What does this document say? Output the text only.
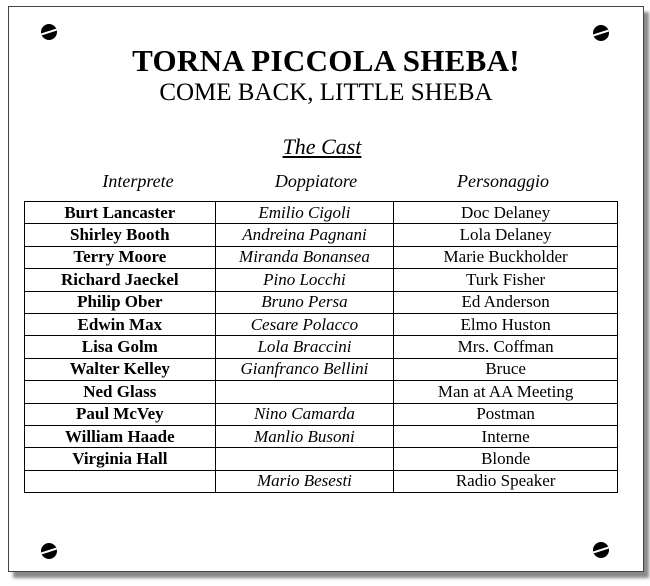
TORNA PICCOLA SHEBA!
COME BACK, LITTLE SHEBA
The Cast
Interprete	Doppiatore	Personaggio
Burt Lancaster	Emilio Cigoli	Doc Delaney
Shirley Booth	Andreina Pagnani	Lola Delaney
Terry Moore	Miranda Bonansea	Marie Buckholder
Richard Jaeckel	Pino Locchi	Turk Fisher
Philip Ober	Bruno Persa	Ed Anderson
Edwin Max	Cesare Polacco	Elmo Huston
Lisa Golm	Lola Braccini	Mrs. Coffman
Walter Kelley	Gianfranco Bellini	Bruce
Ned Glass		Man at AA Meeting
Paul McVey	Nino Camarda	Postman
William Haade	Manlio Busoni	Interne
Virginia Hall		Blonde
	Mario Besesti	Radio Speaker
